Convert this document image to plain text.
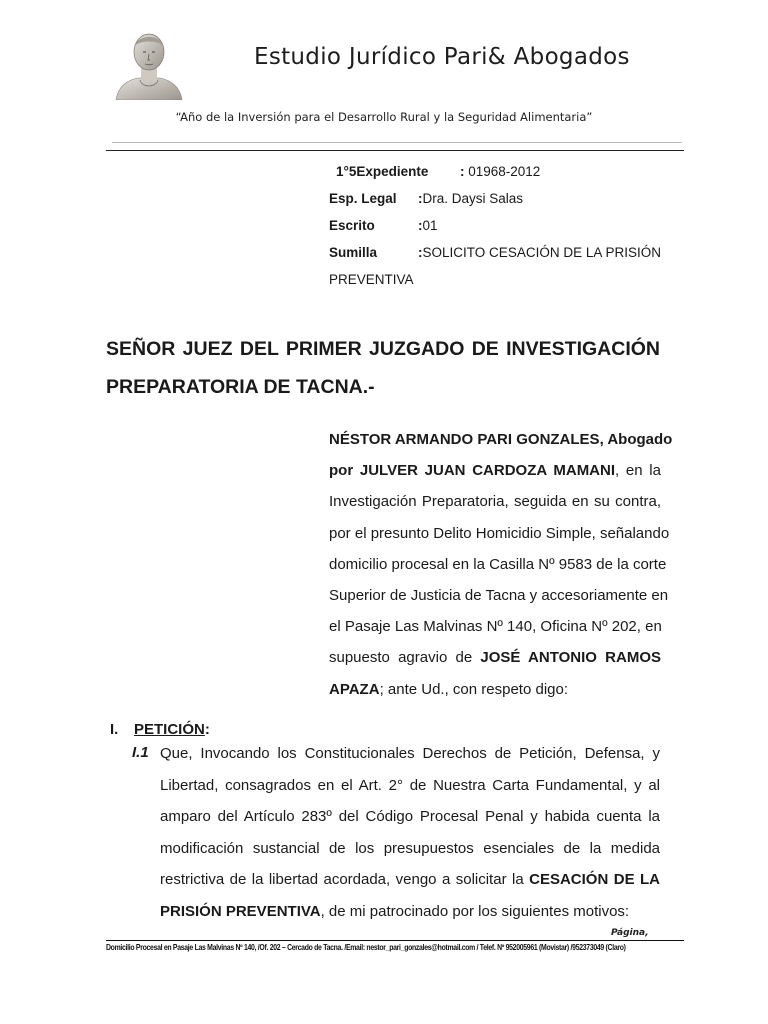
Estudio Jurídico Pari& Abogados
“Año de la Inversión para el Desarrollo Rural y la Seguridad Alimentaria”
1°5Expediente : 01968-2012
Esp. Legal :Dra. Daysi Salas
Escrito	:01
Sumilla	:SOLICITO CESACIÓN DE LA PRISIÓN
PREVENTIVA
SEÑOR JUEZ DEL PRIMER JUZGADO DE INVESTIGACIÓN
PREPARATORIA DE TACNA.-
NÉSTOR ARMANDO PARI GONZALES, Abogado
por JULVER JUAN CARDOZA MAMANI, en la
Investigación Preparatoria, seguida en su contra,
por el presunto Delito Homicidio Simple, señalando
domicilio procesal en la Casilla Nº 9583 de la corte
Superior de Justicia de Tacna y accesoriamente en
el Pasaje Las Malvinas Nº 140, Oficina Nº 202, en
supuesto agravio de JOSÉ ANTONIO RAMOS
APAZA; ante Ud., con respeto digo:
I. PETICIÓN:
I.1 Que, Invocando los Constitucionales Derechos de Petición, Defensa, y
Libertad, consagrados en el Art. 2° de Nuestra Carta Fundamental, y al
amparo del Artículo 283º del Código Procesal Penal y habida cuenta la
modificación sustancial de los presupuestos esenciales de la medida
restrictiva de la libertad acordada, vengo a solicitar la CESACIÓN DE LA
PRISIÓN PREVENTIVA, de mi patrocinado por los siguientes motivos:
Página,
Domicilio Procesal en Pasaje Las Malvinas Nº 140, /Of. 202 – Cercado de Tacna. /Email: nestor_pari_gonzales@hotmail.com / Telef. Nº 952005961 (Movistar) /952373049 (Claro)
